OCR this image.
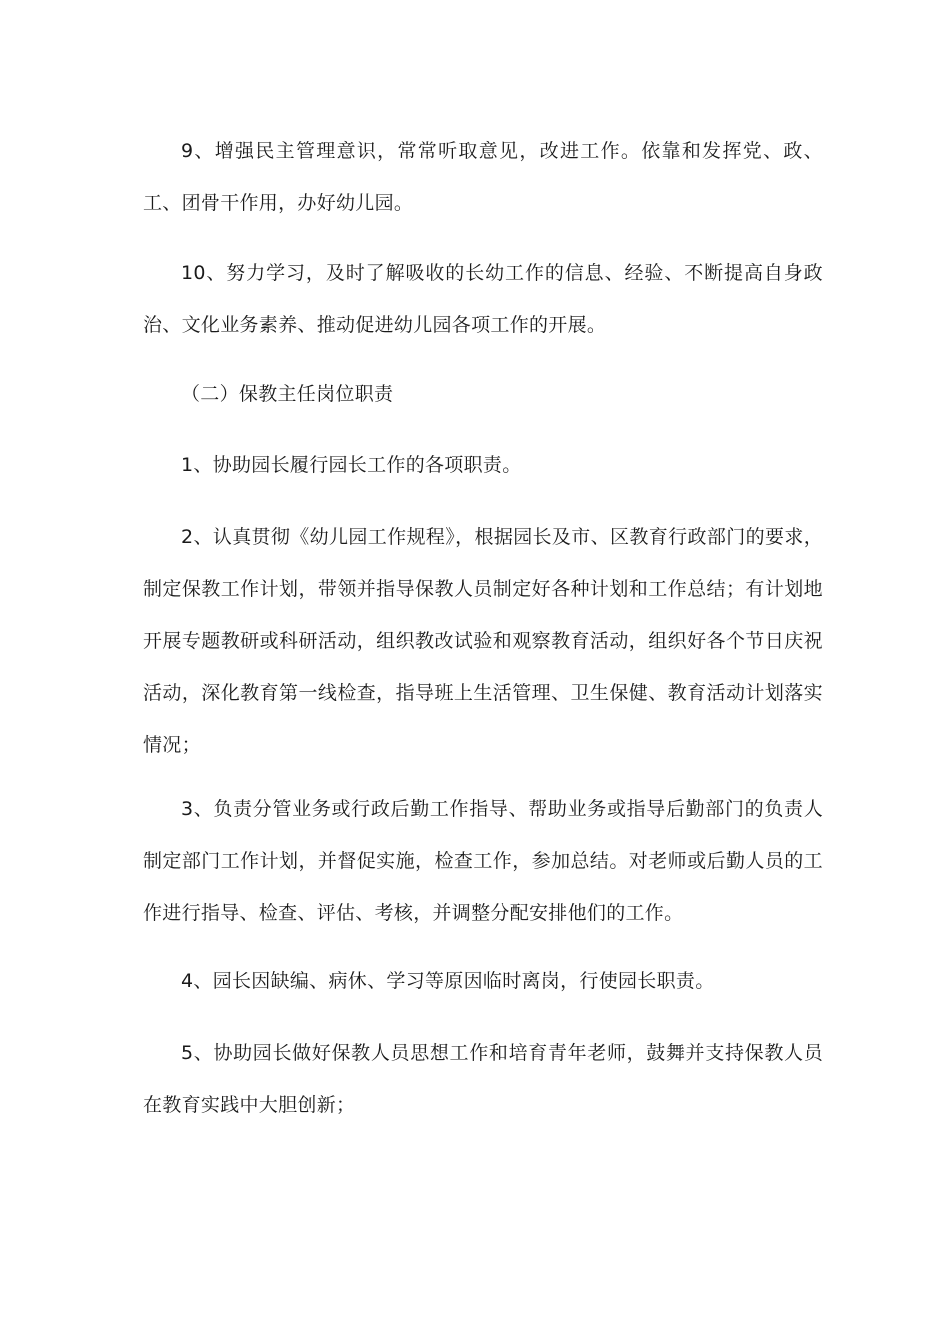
9、增强民主管理意识，常常听取意见，改进工作。依靠和发挥党、政、工、团骨干作用，办好幼儿园。

10、努力学习，及时了解吸收的长幼工作的信息、经验、不断提高自身政治、文化业务素养、推动促进幼儿园各项工作的开展。

（二）保教主任岗位职责

1、协助园长履行园长工作的各项职责。

2、认真贯彻《幼儿园工作规程》，根据园长及市、区教育行政部门的要求，制定保教工作计划，带领并指导保教人员制定好各种计划和工作总结；有计划地开展专题教研或科研活动，组织教改试验和观察教育活动，组织好各个节日庆祝活动，深化教育第一线检查，指导班上生活管理、卫生保健、教育活动计划落实情况；

3、负责分管业务或行政后勤工作指导、帮助业务或指导后勤部门的负责人制定部门工作计划，并督促实施，检查工作，参加总结。对老师或后勤人员的工作进行指导、检查、评估、考核，并调整分配安排他们的工作。

4、园长因缺编、病休、学习等原因临时离岗，行使园长职责。

5、协助园长做好保教人员思想工作和培育青年老师，鼓舞并支持保教人员在教育实践中大胆创新；
